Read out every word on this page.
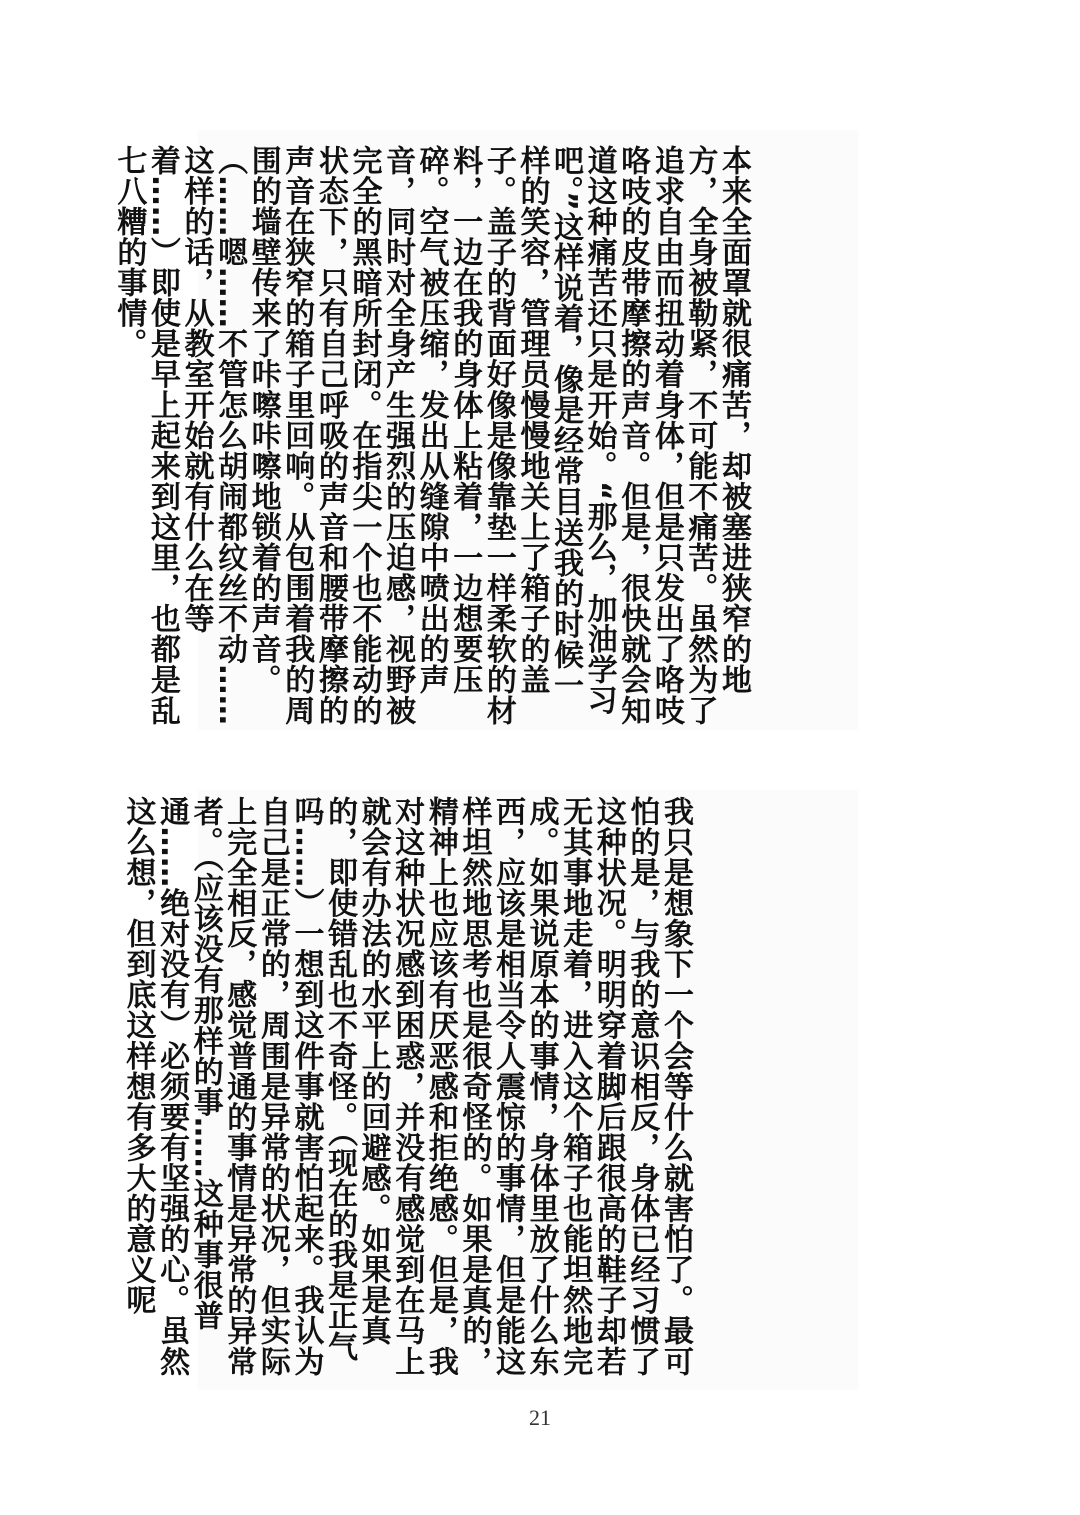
本来全面罩就很痛苦，却被塞进狭窄的地方，全身被勒紧，不可能不痛苦。虽然为了追求自由而扭动着身体，但是只发出了咯吱咯吱的皮带摩擦的声音。但是，很快就会知道这种痛苦还只是开始。“那么，加油学习吧。”这样说着，像是经常目送我的时候一样的笑容，管理员慢慢地关上了箱子的盖子。盖子的背面好像是像靠垫一样柔软的材料，一边在我的身体上粘着，一边想要压碎。空气被压缩，发出从缝隙中喷出的声音，同时对全身产生强烈的压迫感，视野被完全的黑暗所封闭。在指尖一个也不能动的状态下，只有自己呼吸的声音和腰带摩擦的声音在狭窄的箱子里回响。从包围着我的周围的墙壁传来了咔嚓咔嚓地锁着的声音。（……嗯……不管怎么胡闹都纹丝不动……这样的话，从教室开始就有什么在等着……）即使是早上起来到这里，也都是乱七八糟的事情。

我只是想象下一个会等什么就害怕了。最可怕的是，与我的意识相反，身体已经习惯了这种状况。明明穿着脚后跟很高的鞋子却若无其事地走着，进入这个箱子也能坦然地完成。如果说原本的事情，身体里放了什么东西，应该是相当令人震惊的事情，但是能这样坦然地思考也是很奇怪的。如果是真的，精神上也应该有厌恶感和拒绝感。但是，我对这种状况感到困惑，并没有感觉到在马上就会有办法的水平上的回避感。如果是真的，即使错乱也不奇怪。（现在的我是正气吗……）一想到这件事就害怕起来。我认为自己是正常的，周围是异常的状况，但实际上完全相反，感觉普通的事情是异常的异常者。（应该没有那样的事……这种事很普通……绝对没有）必须要有坚强的心。虽然这么想，但到底这样想有多大的意义呢

21
